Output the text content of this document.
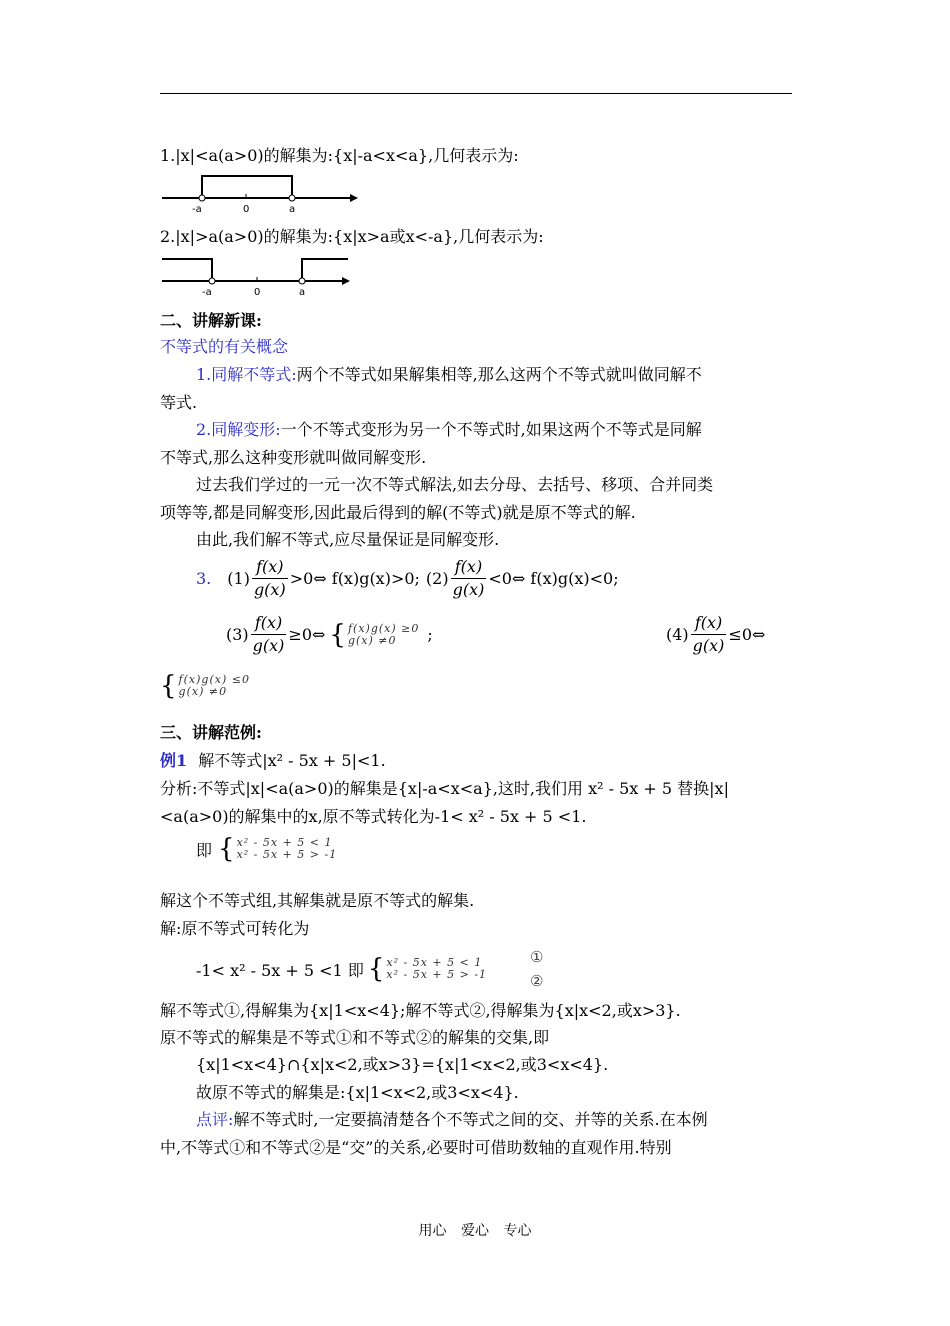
1.|x|<a(a>0)的解集为:{x|-a<x<a},几何表示为:
-a	0	a
2.|x|>a(a>0)的解集为:{x|x>a或x<-a},几何表示为:
-a	0	a
二、讲解新课:
不等式的有关概念
1.同解不等式:两个不等式如果解集相等,那么这两个不等式就叫做同解不
等式.
2.同解变形:一个不等式变形为另一个不等式时,如果这两个不等式是同解
不等式,那么这种变形就叫做同解变形.
过去我们学过的一元一次不等式解法,如去分母、去括号、移项、合并同类
项等等,都是同解变形,因此最后得到的解(不等式)就是原不等式的解.
由此,我们解不等式,应尽量保证是同解变形.
3. $(1) \frac{f(x)}{g(x)}$ >0⇔ f(x)g(x)>0; $(2) \frac{f(x)}{g(x)}$ <0⇔ f(x)g(x)<0;
$(3) \frac{f(x)}{g(x)}$ ≥0⇔ { f(x)g(x) ≥0
g(x) ≠0	;	$(4) \frac{f(x)}{g(x)}$ ≤0⇔
{ f(x)g(x) ≤0
g(x) ≠0
三、讲解范例:
例1 解不等式|x² - 5x + 5|<1.
分析:不等式|x|<a(a>0)的解集是{x|-a<x<a},这时,我们用 x² - 5x + 5 替换|x|
<a(a>0)的解集中的x,原不等式转化为-1< x² - 5x + 5 <1.
即 { x² - 5x + 5 < 1
x² - 5x + 5 > -1
解这个不等式组,其解集就是原不等式的解集.
解:原不等式可转化为
-1< x² - 5x + 5 <1 即 { x² - 5x + 5 < 1
x² - 5x + 5 > -1
①
②
解不等式①,得解集为{x|1<x<4};解不等式②,得解集为{x|x<2,或x>3}.
原不等式的解集是不等式①和不等式②的解集的交集,即
{x|1<x<4}∩{x|x<2,或x>3}={x|1<x<2,或3<x<4}.
故原不等式的解集是:{x|1<x<2,或3<x<4}.
点评:解不等式时,一定要搞清楚各个不等式之间的交、并等的关系.在本例
中,不等式①和不等式②是“交”的关系,必要时可借助数轴的直观作用.特别
用心 爱心 专心
